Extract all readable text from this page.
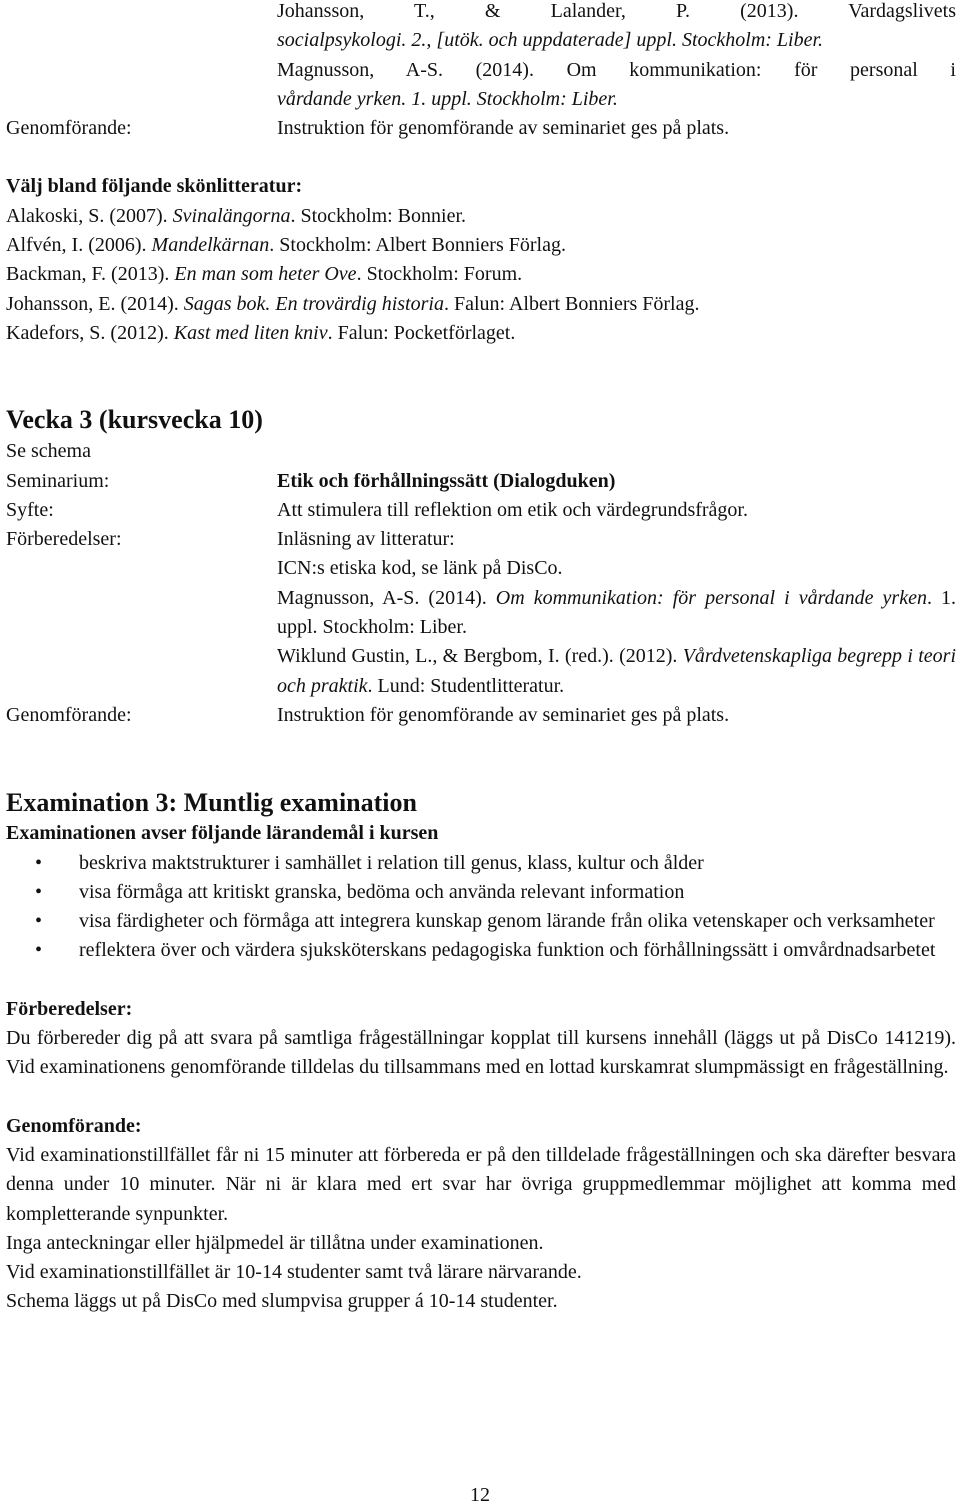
Johansson, T., & Lalander, P. (2013). Vardagslivets
socialpsykologi. 2., [utök. och uppdaterade] uppl. Stockholm: Liber.
Magnusson, A-S. (2014). Om kommunikation: för personal i
vårdande yrken. 1. uppl. Stockholm: Liber.
Genomförande:	Instruktion för genomförande av seminariet ges på plats.
Välj bland följande skönlitteratur:
Alakoski, S. (2007). Svinalängorna. Stockholm: Bonnier.
Alfvén, I. (2006). Mandelkärnan. Stockholm: Albert Bonniers Förlag.
Backman, F. (2013). En man som heter Ove. Stockholm: Forum.
Johansson, E. (2014). Sagas bok. En trovärdig historia. Falun: Albert Bonniers Förlag.
Kadefors, S. (2012). Kast med liten kniv. Falun: Pocketförlaget.
Vecka 3 (kursvecka 10)
Se schema
Seminarium:	Etik och förhållningssätt (Dialogduken)
Syfte:	Att stimulera till reflektion om etik och värdegrundsfrågor.
Förberedelser:	Inläsning av litteratur:
ICN:s etiska kod, se länk på DisCo.
Magnusson, A-S. (2014). Om kommunikation: för personal i vårdande yrken. 1. uppl. Stockholm: Liber.
Wiklund Gustin, L., & Bergbom, I. (red.). (2012). Vårdvetenskapliga begrepp i teori och praktik. Lund: Studentlitteratur.
Genomförande:	Instruktion för genomförande av seminariet ges på plats.
Examination 3: Muntlig examination
Examinationen avser följande lärandemål i kursen
• beskriva maktstrukturer i samhället i relation till genus, klass, kultur och ålder
• visa förmåga att kritiskt granska, bedöma och använda relevant information
• visa färdigheter och förmåga att integrera kunskap genom lärande från olika vetenskaper och verksamheter
• reflektera över och värdera sjuksköterskans pedagogiska funktion och förhållningssätt i omvårdnadsarbetet
Förberedelser:
Du förbereder dig på att svara på samtliga frågeställningar kopplat till kursens innehåll (läggs ut på DisCo 141219). Vid examinationens genomförande tilldelas du tillsammans med en lottad kurskamrat slumpmässigt en frågeställning.
Genomförande:
Vid examinationstillfället får ni 15 minuter att förbereda er på den tilldelade frågeställningen och ska därefter besvara denna under 10 minuter. När ni är klara med ert svar har övriga gruppmedlemmar möjlighet att komma med kompletterande synpunkter.
Inga anteckningar eller hjälpmedel är tillåtna under examinationen.
Vid examinationstillfället är 10-14 studenter samt två lärare närvarande.
Schema läggs ut på DisCo med slumpvisa grupper á 10-14 studenter.
12
